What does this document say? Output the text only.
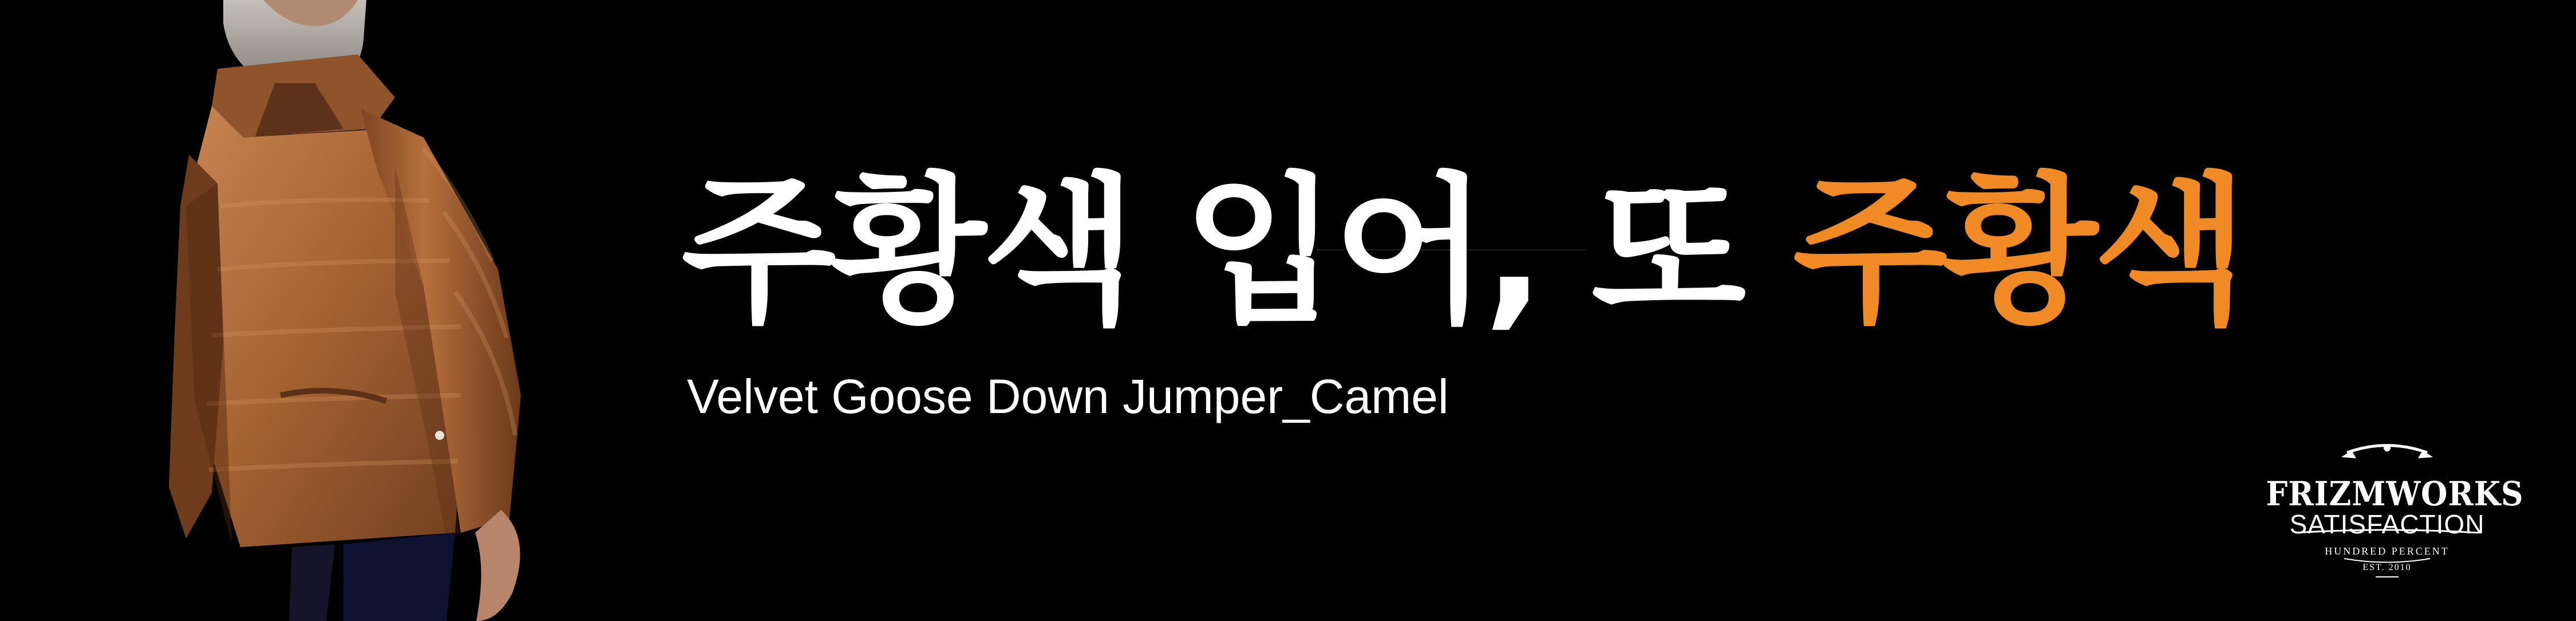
주황색 입어, 또 주황색
Velvet Goose Down Jumper_Camel
FRIZMWORKS
SATISFACTION
HUNDRED PERCENT
EST. 2010
